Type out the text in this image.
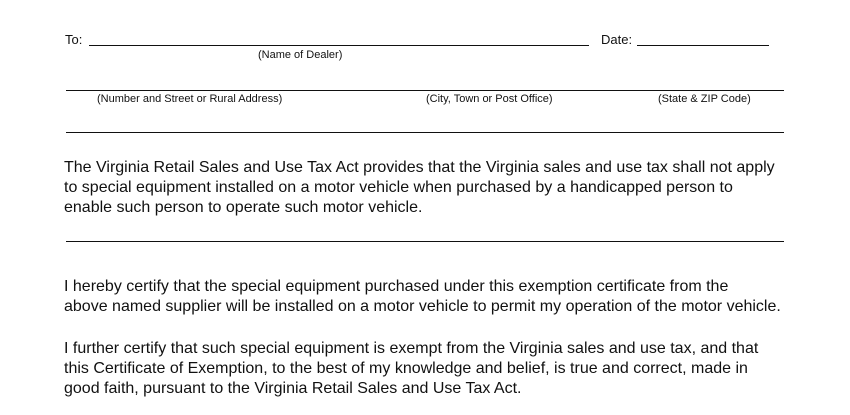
To:	Date:
(Name of Dealer)
(Number and Street or Rural Address)	(City, Town or Post Office)	(State & ZIP Code)
The Virginia Retail Sales and Use Tax Act provides that the Virginia sales and use tax shall not apply
to special equipment installed on a motor vehicle when purchased by a handicapped person to
enable such person to operate such motor vehicle.
I hereby certify that the special equipment purchased under this exemption certificate from the
above named supplier will be installed on a motor vehicle to permit my operation of the motor vehicle.
I further certify that such special equipment is exempt from the Virginia sales and use tax, and that
this Certificate of Exemption, to the best of my knowledge and belief, is true and correct, made in
good faith, pursuant to the Virginia Retail Sales and Use Tax Act.
